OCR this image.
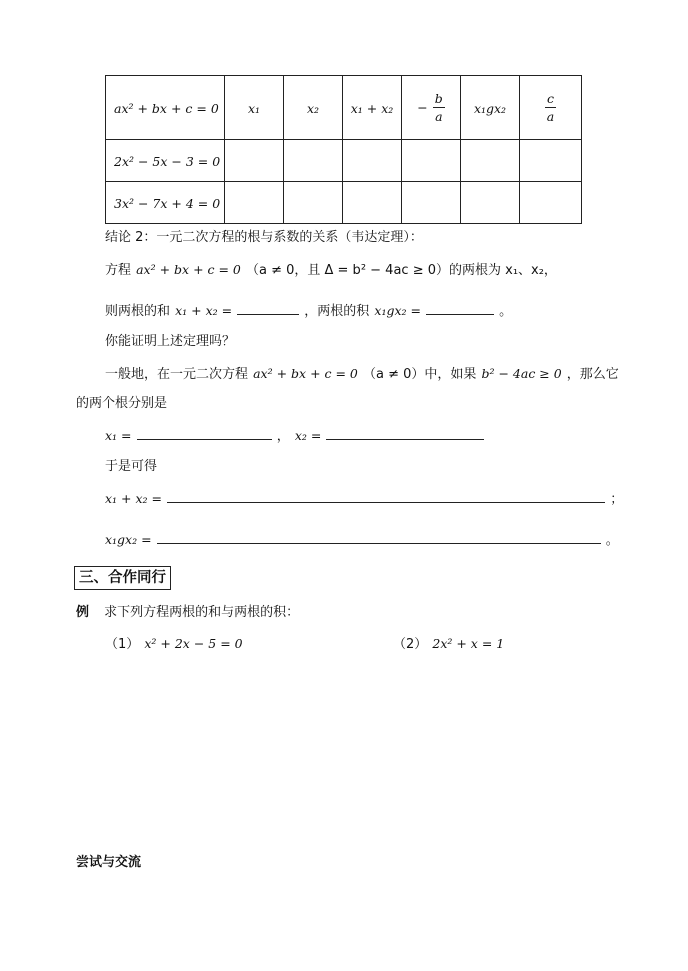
ax² + bx + c = 0	x₁	x₂	x₁ + x₂	− $\frac{b}{a}$	x₁gx₂	$\frac{c}{a}$

2x² − 5x − 3 = 0						
3x² − 7x + 4 = 0						
结论 2：一元二次方程的根与系数的关系（韦达定理）：
方程 ax² + bx + c = 0 （a ≠ 0，且 Δ = b² − 4ac ≥ 0）的两根为 x₁、x₂，
则两根的和 x₁ + x₂ =	，两根的积 x₁gx₂ =	。
你能证明上述定理吗？
一般地，在一元二次方程 ax² + bx + c = 0 （a ≠ 0）中，如果 b² − 4ac ≥ 0 ，那么它
的两个根分别是
x₁ =	， x₂ =
于是可得
x₁ + x₂ =	；
x₁gx₂ =	。
三、合作同行
例 求下列方程两根的和与两根的积：
（1） x² + 2x − 5 = 0	（2） 2x² + x = 1
尝试与交流
